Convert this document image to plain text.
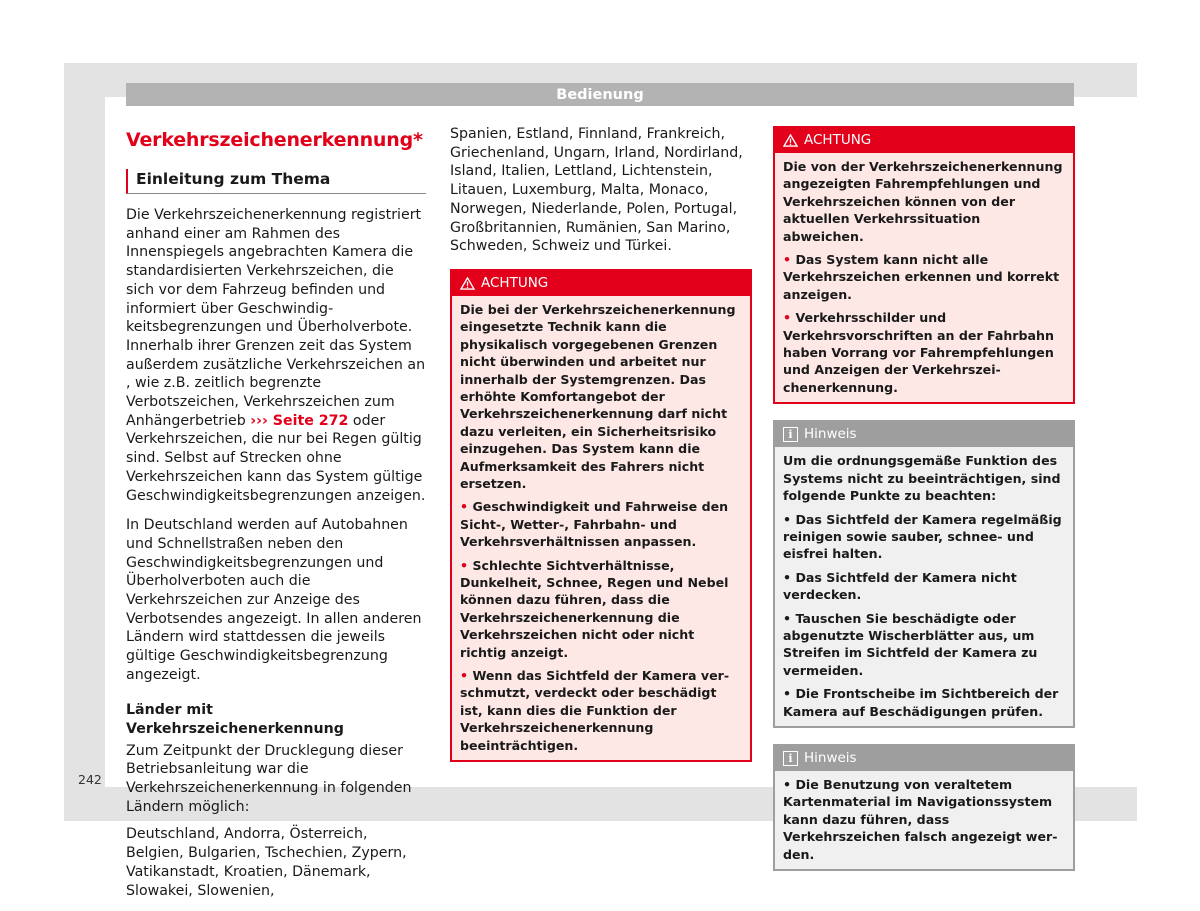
Bedienung
Verkehrszeichenerkennung*
Einleitung zum Thema

Die Verkehrszeichenerkennung registriert anhand einer am Rahmen des Innenspiegels angebrachten Kamera die standardisierten Verkehrszeichen, die sich vor dem Fahrzeug befinden und informiert über Geschwindigkeitsbegrenzungen und Überholverbote. Innerhalb ihrer Grenzen zeit das System außerdem zusätzliche Verkehrszeichen an , wie z.B. zeitlich begrenzte Verbotszeichen, Verkehrszeichen zum Anhängerbetrieb ››› Seite 272 oder Verkehrszeichen, die nur bei Regen gültig sind. Selbst auf Strecken ohne Verkehrszeichen kann das System gültige Geschwindigkeitsbegrenzungen anzeigen.

In Deutschland werden auf Autobahnen und Schnellstraßen neben den Geschwindigkeitsbegrenzungen und Überholverboten auch die Verkehrszeichen zur Anzeige des Verbotsendes angezeigt. In allen anderen Ländern wird stattdessen die jeweils gültige Geschwindigkeitsbegrenzung angezeigt.

Länder mit Verkehrszeichenerkennung

Zum Zeitpunkt der Drucklegung dieser Betriebsanleitung war die Verkehrszeichenerkennung in folgenden Ländern möglich:

Deutschland, Andorra, Österreich, Belgien, Bulgarien, Tschechien, Zypern, Vatikanstadt, Kroatien, Dänemark, Slowakei, Slowenien,

Spanien, Estland, Finnland, Frankreich, Griechenland, Ungarn, Irland, Nordirland, Island, Italien, Lettland, Lichtenstein, Litauen, Luxemburg, Malta, Monaco, Norwegen, Niederlande, Polen, Portugal, Großbritannien, Rumänien, San Marino, Schweden, Schweiz und Türkei.

ACHTUNG

Die bei der Verkehrszeichenerkennung eingesetzte Technik kann die physikalisch vorgegebenen Grenzen nicht überwinden und arbeitet nur innerhalb der Systemgrenzen. Das erhöhte Komfortangebot der Verkehrszeichenerkennung darf nicht dazu verleiten, ein Sicherheitsrisiko einzugehen. Das System kann die Aufmerksamkeit des Fahrers nicht ersetzen.

• Geschwindigkeit und Fahrweise den Sicht-, Wetter-, Fahrbahn- und Verkehrsverhältnissen anpassen.

• Schlechte Sichtverhältnisse, Dunkelheit, Schnee, Regen und Nebel können dazu führen, dass die Verkehrszeichenerkennung die Verkehrszeichen nicht oder nicht richtig anzeigt.

• Wenn das Sichtfeld der Kamera verschmutzt, verdeckt oder beschädigt ist, kann dies die Funktion der Verkehrszeichenerkennung beeinträchtigen.

ACHTUNG

Die von der Verkehrszeichenerkennung angezeigten Fahrempfehlungen und Verkehrszeichen können von der aktuellen Verkehrssituation abweichen.

• Das System kann nicht alle Verkehrszeichen erkennen und korrekt anzeigen.

• Verkehrsschilder und Verkehrsvorschriften an der Fahrbahn haben Vorrang vor Fahrempfehlungen und Anzeigen der Verkehrszeichenerkennung.

i Hinweis

Um die ordnungsgemäße Funktion des Systems nicht zu beeinträchtigen, sind folgende Punkte zu beachten:

• Das Sichtfeld der Kamera regelmäßig reinigen sowie sauber, schnee- und eisfrei halten.

• Das Sichtfeld der Kamera nicht verdecken.

• Tauschen Sie beschädigte oder abgenutzte Wischerblätter aus, um Streifen im Sichtfeld der Kamera zu vermeiden.

• Die Frontscheibe im Sichtbereich der Kamera auf Beschädigungen prüfen.

i Hinweis

• Die Benutzung von veraltetem Kartenmaterial im Navigationssystem kann dazu führen, dass Verkehrszeichen falsch angezeigt werden.

242
